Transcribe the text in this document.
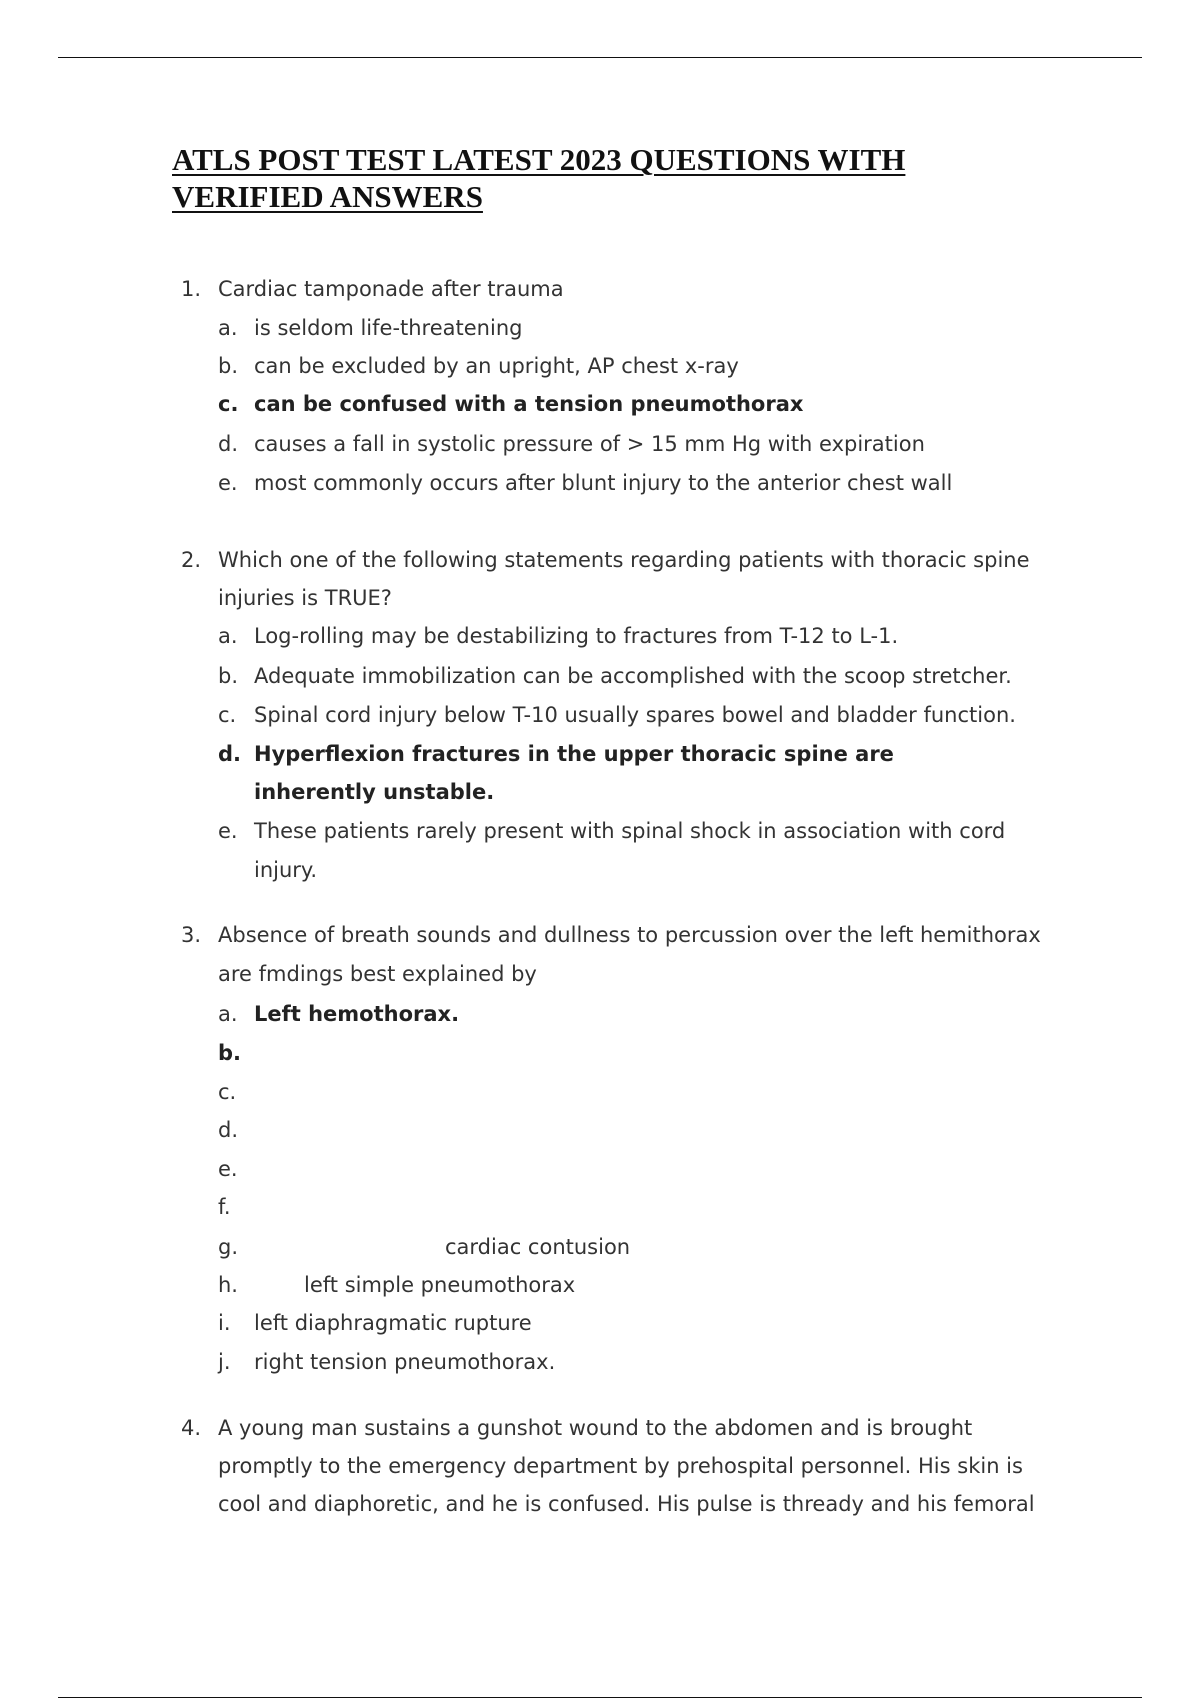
ATLS POST TEST LATEST 2023 QUESTIONS WITH
VERIFIED ANSWERS
1. Cardiac tamponade after trauma
a. is seldom life-threatening
b. can be excluded by an upright, AP chest x-ray
c. can be confused with a tension pneumothorax
d. causes a fall in systolic pressure of > 15 mm Hg with expiration
e. most commonly occurs after blunt injury to the anterior chest wall
2. Which one of the following statements regarding patients with thoracic spine
injuries is TRUE?
a. Log-rolling may be destabilizing to fractures from T-12 to L-1.
b. Adequate immobilization can be accomplished with the scoop stretcher.
c. Spinal cord injury below T-10 usually spares bowel and bladder function.
d. Hyperflexion fractures in the upper thoracic spine are
inherently unstable.
e. These patients rarely present with spinal shock in association with cord
injury.
3. Absence of breath sounds and dullness to percussion over the left hemithorax
are fmdings best explained by
a. Left hemothorax.
b.
c.
d.
e.
f.
g.	cardiac contusion
h.	left simple pneumothorax
i. left diaphragmatic rupture
j. right tension pneumothorax.
4. A young man sustains a gunshot wound to the abdomen and is brought
promptly to the emergency department by prehospital personnel. His skin is
cool and diaphoretic, and he is confused. His pulse is thready and his femoral
